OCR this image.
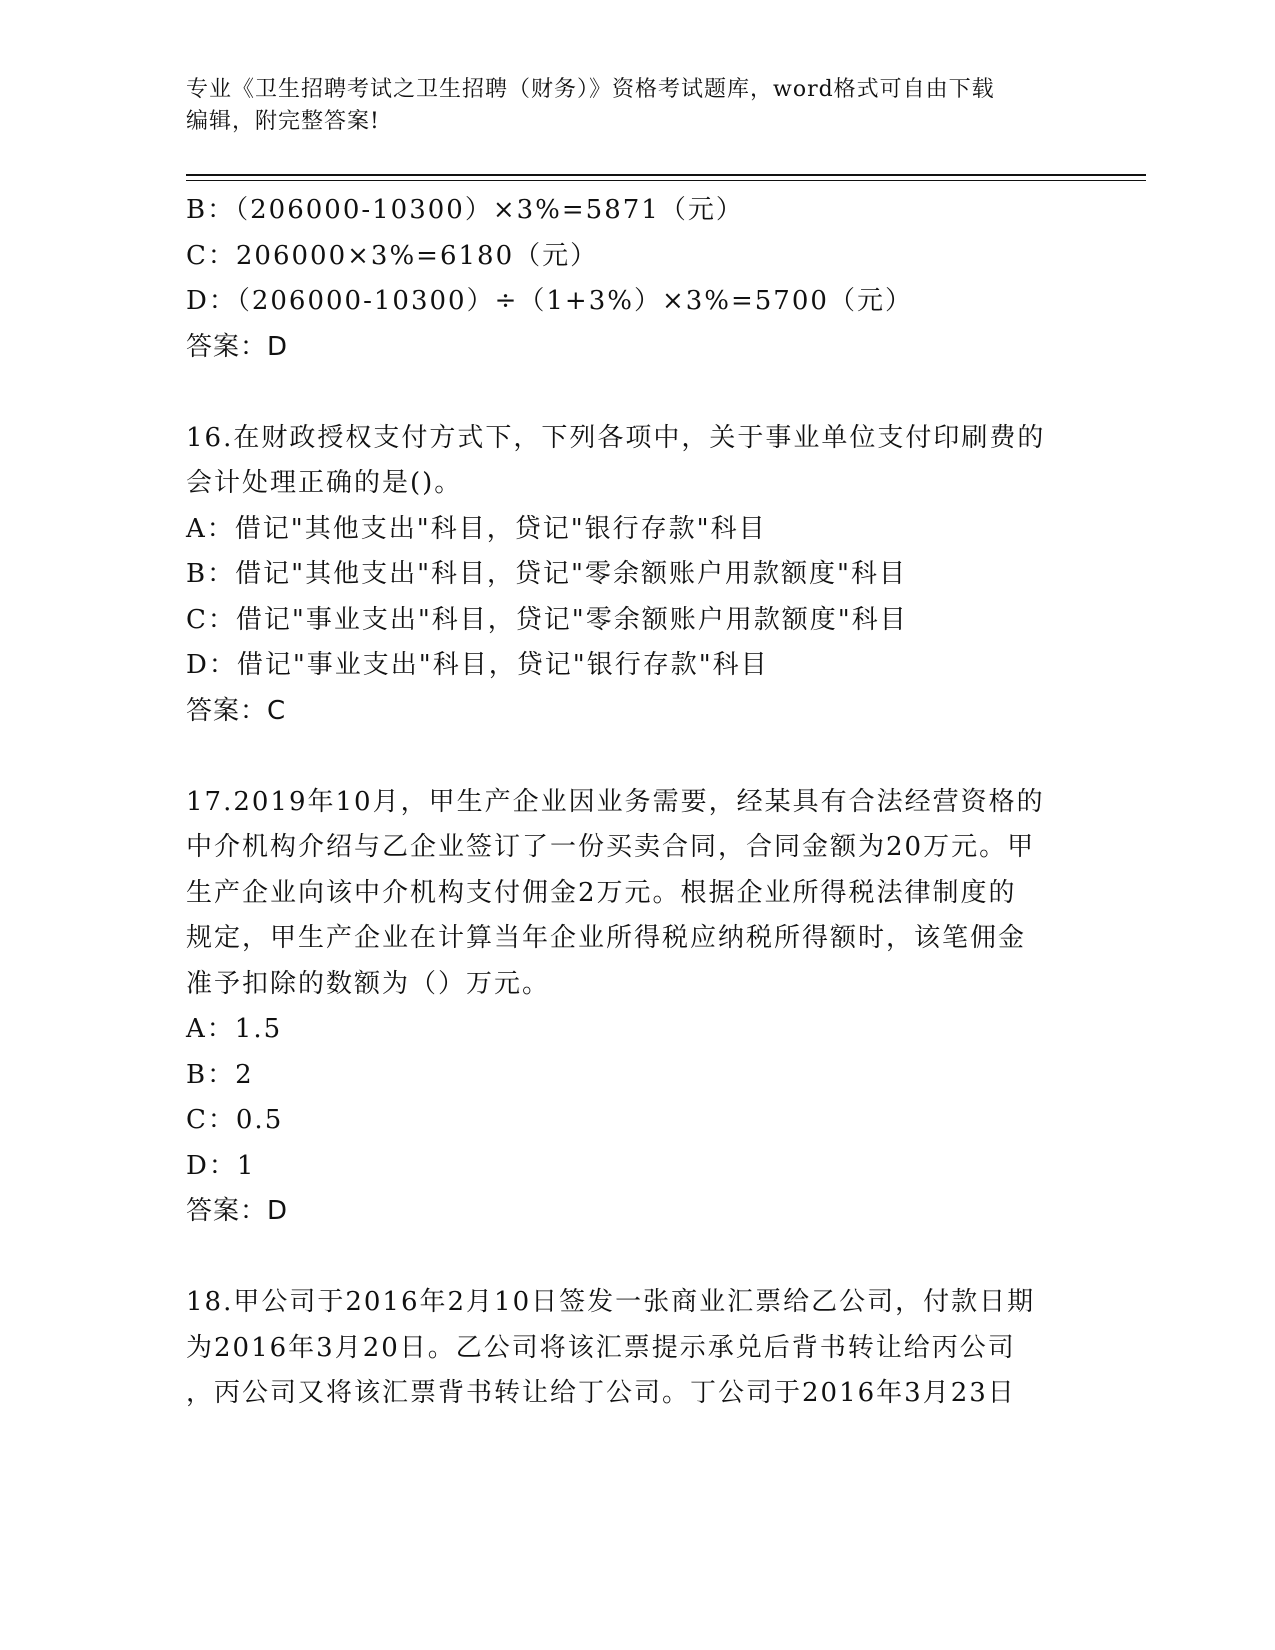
专业《卫生招聘考试之卫生招聘（财务）》资格考试题库，word格式可自由下载
编辑，附完整答案!
B：（206000-10300）×3%=5871（元）
C：206000×3%=6180（元）
D：（206000-10300）÷（1+3%）×3%=5700（元）
答案：D
16.在财政授权支付方式下，下列各项中，关于事业单位支付印刷费的
会计处理正确的是()。
A：借记"其他支出"科目，贷记"银行存款"科目
B：借记"其他支出"科目，贷记"零余额账户用款额度"科目
C：借记"事业支出"科目，贷记"零余额账户用款额度"科目
D：借记"事业支出"科目，贷记"银行存款"科目
答案：C
17.2019年10月，甲生产企业因业务需要，经某具有合法经营资格的
中介机构介绍与乙企业签订了一份买卖合同，合同金额为20万元。甲
生产企业向该中介机构支付佣金2万元。根据企业所得税法律制度的
规定，甲生产企业在计算当年企业所得税应纳税所得额时，该笔佣金
准予扣除的数额为（）万元。
A：1.5
B：2
C：0.5
D：1
答案：D
18.甲公司于2016年2月10日签发一张商业汇票给乙公司，付款日期
为2016年3月20日。乙公司将该汇票提示承兑后背书转让给丙公司
，丙公司又将该汇票背书转让给丁公司。丁公司于2016年3月23日
